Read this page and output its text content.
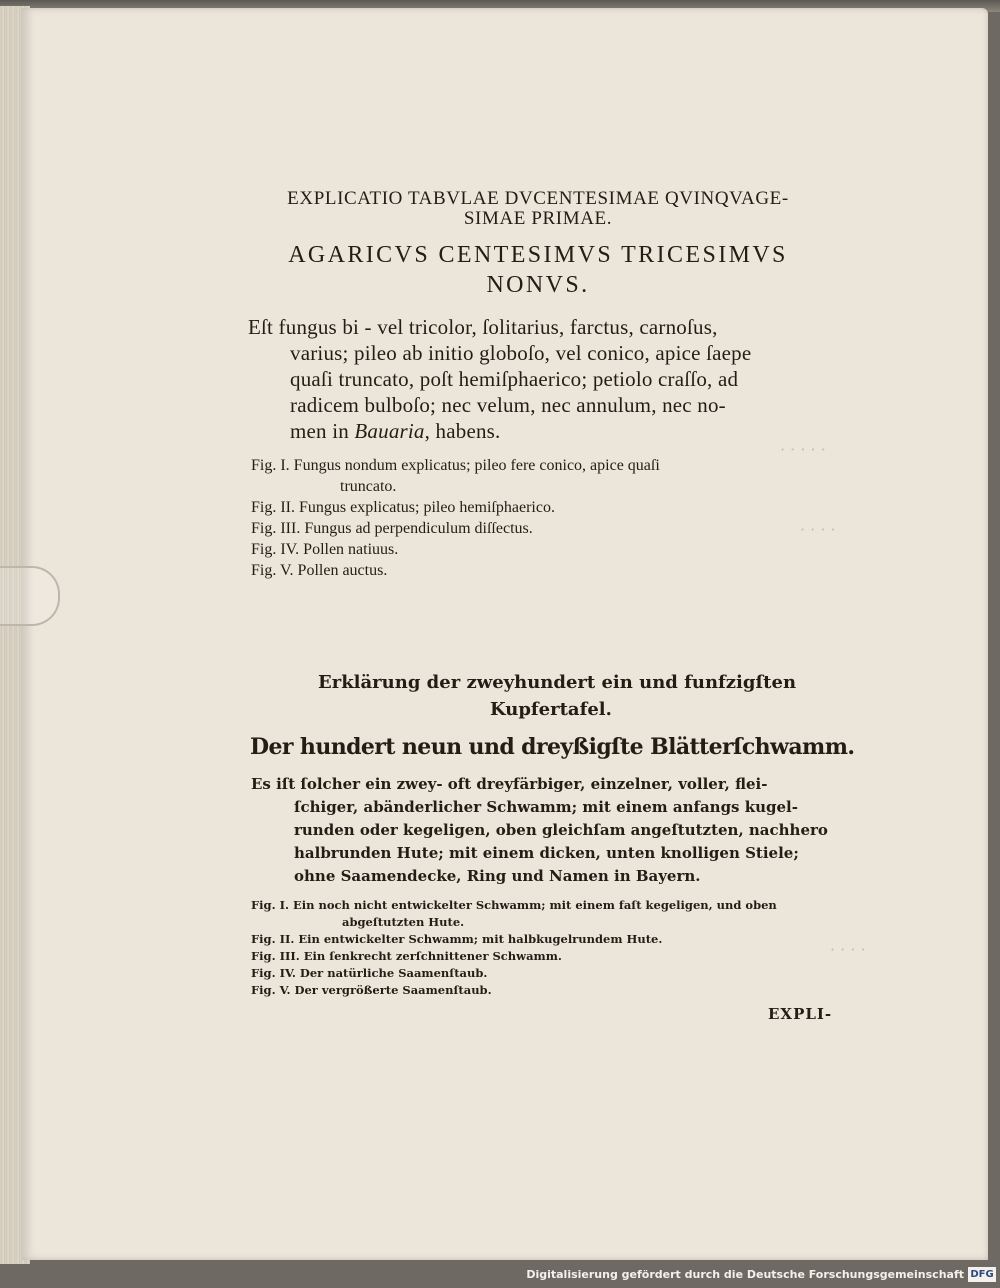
· · · · ·
· · · ·
· · · ·
EXPLICATIO TABVLAE DVCENTESIMAE QVINQVAGE-
SIMAE PRIMAE.
AGARICVS CENTESIMVS TRICESIMVS
NONVS.
Eſt fungus bi - vel tricolor, ſolitarius, farctus, carnoſus,
varius; pileo ab initio globoſo, vel conico, apice ſaepe
quaſi truncato, poſt hemiſphaerico; petiolo craſſo, ad
radicem bulboſo; nec velum, nec annulum, nec no-
men in Bauaria, habens.
Fig. I. Fungus nondum explicatus; pileo fere conico, apice quaſi
truncato.
Fig. II. Fungus explicatus; pileo hemiſphaerico.
Fig. III. Fungus ad perpendiculum diſſectus.
Fig. IV. Pollen natiuus.
Fig. V. Pollen auctus.
Erklärung der zweyhundert ein und funfzigſten
Kupfertafel.
Der hundert neun und dreyßigſte Blätterſchwamm.
Es iſt ſolcher ein zwey- oft dreyfärbiger, einzelner, voller, flei-
ſchiger, abänderlicher Schwamm; mit einem anfangs kugel-
runden oder kegeligen, oben gleichſam angeſtutzten, nachhero
halbrunden Hute; mit einem dicken, unten knolligen Stiele;
ohne Saamendecke, Ring und Namen in Bayern.
Fig. I. Ein noch nicht entwickelter Schwamm; mit einem faſt kegeligen, und oben
abgeſtutzten Hute.
Fig. II. Ein entwickelter Schwamm; mit halbkugelrundem Hute.
Fig. III. Ein ſenkrecht zerſchnittener Schwamm.
Fig. IV. Der natürliche Saamenſtaub.
Fig. V. Der vergrößerte Saamenſtaub.
EXPLI-
Digitalisierung gefördert durch die Deutsche Forschungsgemeinschaft DFG
